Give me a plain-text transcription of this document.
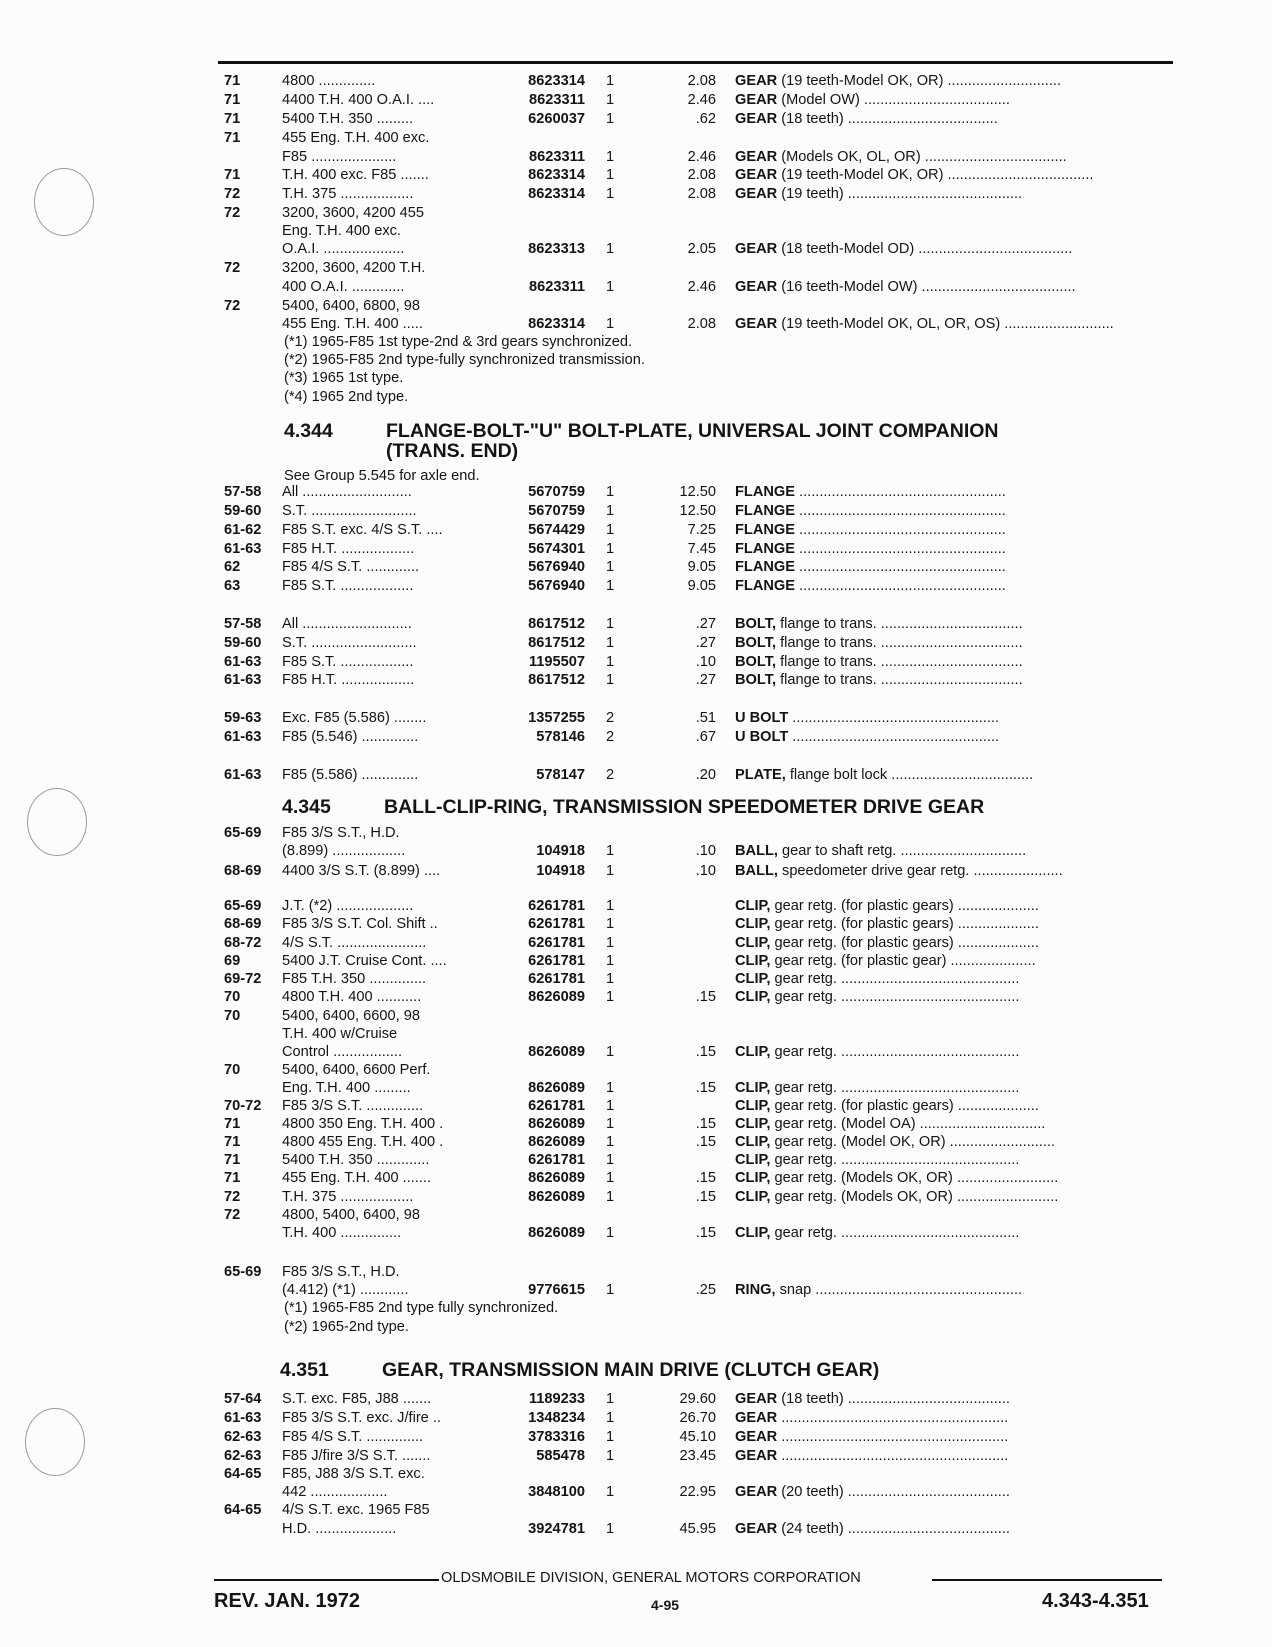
4.344	FLANGE-BOLT-"U" BOLT-PLATE, UNIVERSAL JOINT COMPANION
(TRANS. END)
See Group 5.545 for axle end.
4.345	BALL-CLIP-RING, TRANSMISSION SPEEDOMETER DRIVE GEAR
4.351	GEAR, TRANSMISSION MAIN DRIVE (CLUTCH GEAR)
71	4800 ..............	8623314 1	2.08 GEAR (19 teeth-Model OK, OR) ............................
71	4400 T.H. 400 O.A.I. ....	8623311 1	2.46 GEAR (Model OW) ....................................
71	5400 T.H. 350 .........	6260037 1	.62 GEAR (18 teeth) .....................................
71	455 Eng. T.H. 400 exc.
F85 .....................	8623311 1	2.46 GEAR (Models OK, OL, OR) ...................................
71	T.H. 400 exc. F85 .......	8623314 1	2.08 GEAR (19 teeth-Model OK, OR) ....................................
72	T.H. 375 ..................	8623314 1	2.08 GEAR (19 teeth) ...........................................
72	3200, 3600, 4200 455
Eng. T.H. 400 exc.
O.A.I. ....................	8623313 1	2.05 GEAR (18 teeth-Model OD) ......................................
72	3200, 3600, 4200 T.H.
400 O.A.I. .............	8623311 1	2.46 GEAR (16 teeth-Model OW) ......................................
72	5400, 6400, 6800, 98
455 Eng. T.H. 400 .....	8623314 1	2.08 GEAR (19 teeth-Model OK, OL, OR, OS) ...........................
57-58 All ...........................	5670759 1	12.50 FLANGE ...................................................
59-60 S.T. ..........................	5670759 1	12.50 FLANGE ...................................................
61-62 F85 S.T. exc. 4/S S.T. ....	5674429 1	7.25 FLANGE ...................................................
61-63 F85 H.T. ..................	5674301 1	7.45 FLANGE ...................................................
62	F85 4/S S.T. .............	5676940 1	9.05 FLANGE ...................................................
63	F85 S.T. ..................	5676940 1	9.05 FLANGE ...................................................
57-58 All ...........................	8617512 1	.27 BOLT, flange to trans. ...................................
59-60 S.T. ..........................	8617512 1	.27 BOLT, flange to trans. ...................................
61-63 F85 S.T. ..................	1195507 1	.10 BOLT, flange to trans. ...................................
61-63 F85 H.T. ..................	8617512 1	.27 BOLT, flange to trans. ...................................
59-63 Exc. F85 (5.586) ........	1357255 2	.51 U BOLT ...................................................
61-63 F85 (5.546) ..............	578146 2	.67 U BOLT ...................................................
61-63 F85 (5.586) ..............	578147 2	.20 PLATE, flange bolt lock ...................................
65-69 F85 3/S S.T., H.D.
(8.899) ..................	104918 1	.10 BALL, gear to shaft retg. ...............................
68-69 4400 3/S S.T. (8.899) ....	104918 1	.10 BALL, speedometer drive gear retg. ......................
65-69 J.T. (*2) ...................	6261781 1	CLIP, gear retg. (for plastic gears) ....................
68-69 F85 3/S S.T. Col. Shift ..	6261781 1	CLIP, gear retg. (for plastic gears) ....................
68-72 4/S S.T. ......................	6261781 1	CLIP, gear retg. (for plastic gears) ....................
69	5400 J.T. Cruise Cont. ....	6261781 1	CLIP, gear retg. (for plastic gear) .....................
69-72 F85 T.H. 350 ..............	6261781 1	CLIP, gear retg. ............................................
70	4800 T.H. 400 ...........	8626089 1	.15 CLIP, gear retg. ............................................
70	5400, 6400, 6600, 98
T.H. 400 w/Cruise
Control .................	8626089 1	.15 CLIP, gear retg. ............................................
70	5400, 6400, 6600 Perf.
Eng. T.H. 400 .........	8626089 1	.15 CLIP, gear retg. ............................................
70-72 F85 3/S S.T. ..............	6261781 1	CLIP, gear retg. (for plastic gears) ....................
71	4800 350 Eng. T.H. 400 .	8626089 1	.15 CLIP, gear retg. (Model OA) ...............................
71	4800 455 Eng. T.H. 400 .	8626089 1	.15 CLIP, gear retg. (Model OK, OR) ..........................
71	5400 T.H. 350 .............	6261781 1	CLIP, gear retg. ............................................
71	455 Eng. T.H. 400 .......	8626089 1	.15 CLIP, gear retg. (Models OK, OR) .........................
72	T.H. 375 ..................	8626089 1	.15 CLIP, gear retg. (Models OK, OR) .........................
72	4800, 5400, 6400, 98
T.H. 400 ...............	8626089 1	.15 CLIP, gear retg. ............................................
65-69 F85 3/S S.T., H.D.
(4.412) (*1) ............	9776615 1	.25 RING, snap ...................................................
57-64 S.T. exc. F85, J88 .......	1189233 1	29.60 GEAR (18 teeth) ........................................
61-63 F85 3/S S.T. exc. J/fire ..	1348234 1	26.70 GEAR ........................................................
62-63 F85 4/S S.T. ..............	3783316 1	45.10 GEAR ........................................................
62-63 F85 J/fire 3/S S.T. .......	585478 1	23.45 GEAR ........................................................
64-65 F85, J88 3/S S.T. exc.
442 ...................	3848100 1	22.95 GEAR (20 teeth) ........................................
64-65 4/S S.T. exc. 1965 F85
H.D. ....................	3924781 1	45.95 GEAR (24 teeth) ........................................
(*1) 1965-F85 1st type-2nd & 3rd gears synchronized.
(*2) 1965-F85 2nd type-fully synchronized transmission.
(*3) 1965 1st type.
(*4) 1965 2nd type.
(*1) 1965-F85 2nd type fully synchronized.
(*2) 1965-2nd type.
OLDSMOBILE DIVISION, GENERAL MOTORS CORPORATION
REV. JAN. 1972	4-95	4.343-4.351
